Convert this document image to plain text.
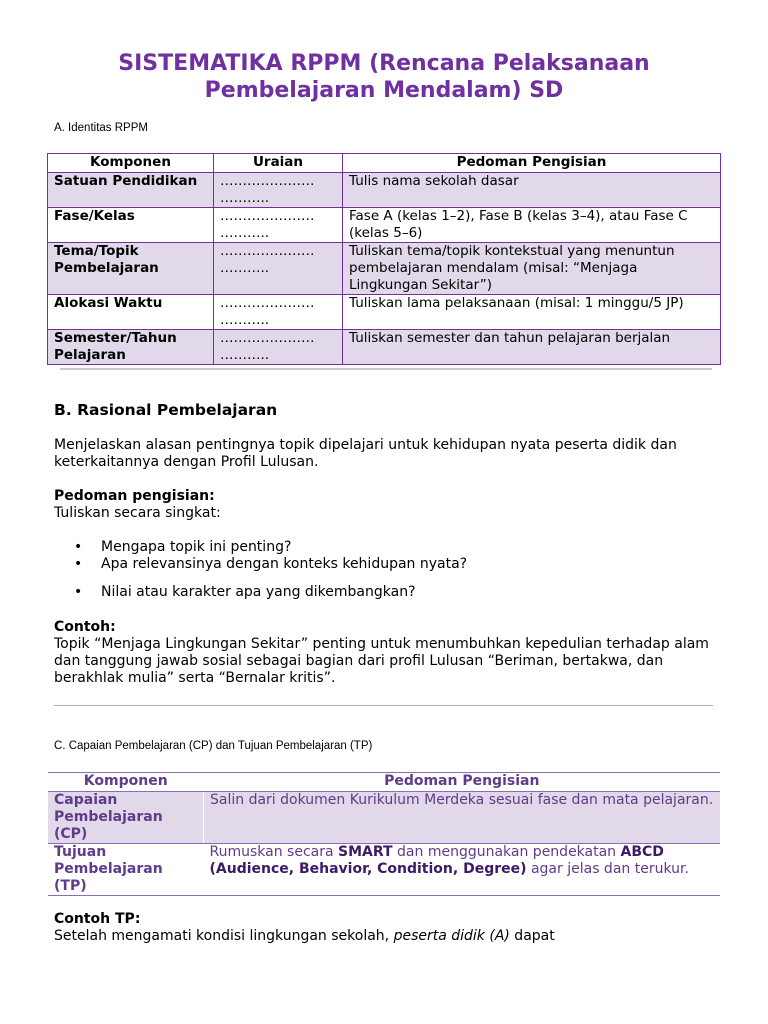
SISTEMATIKA RPPM (Rencana Pelaksanaan
Pembelajaran Mendalam) SD

A. Identitas RPPM

Komponen	Uraian	Pedoman Pengisian
Satuan Pendidikan	………………… ………..	Tulis nama sekolah dasar
Fase/Kelas	………………… ………..	Fase A (kelas 1–2), Fase B (kelas 3–4), atau Fase C (kelas 5–6)
Tema/Topik Pembelajaran	………………… ………..	Tuliskan tema/topik kontekstual yang menuntun pembelajaran mendalam (misal: “Menjaga Lingkungan Sekitar”)
Alokasi Waktu	………………… ………..	Tuliskan lama pelaksanaan (misal: 1 minggu/5 JP)
Semester/Tahun Pelajaran	………………… ………..	Tuliskan semester dan tahun pelajaran berjalan
B. Rasional Pembelajaran

Menjelaskan alasan pentingnya topik dipelajari untuk kehidupan nyata peserta didik dan keterkaitannya dengan Profil Lulusan.

Pedoman pengisian:

Tuliskan secara singkat:

• Mengapa topik ini penting?
• Apa relevansinya dengan konteks kehidupan nyata?
• Nilai atau karakter apa yang dikembangkan?

Contoh:

Topik “Menjaga Lingkungan Sekitar” penting untuk menumbuhkan kepedulian terhadap alam dan tanggung jawab sosial sebagai bagian dari profil Lulusan “Beriman, bertakwa, dan berakhlak mulia” serta “Bernalar kritis”.

C. Capaian Pembelajaran (CP) dan Tujuan Pembelajaran (TP)

Komponen	Pedoman Pengisian
Capaian Pembelajaran (CP)	Salin dari dokumen Kurikulum Merdeka sesuai fase dan mata pelajaran.
Tujuan Pembelajaran (TP)	Rumuskan secara SMART dan menggunakan pendekatan ABCD (Audience, Behavior, Condition, Degree) agar jelas dan terukur.

Contoh TP:

Setelah mengamati kondisi lingkungan sekolah, peserta didik (A) dapat
